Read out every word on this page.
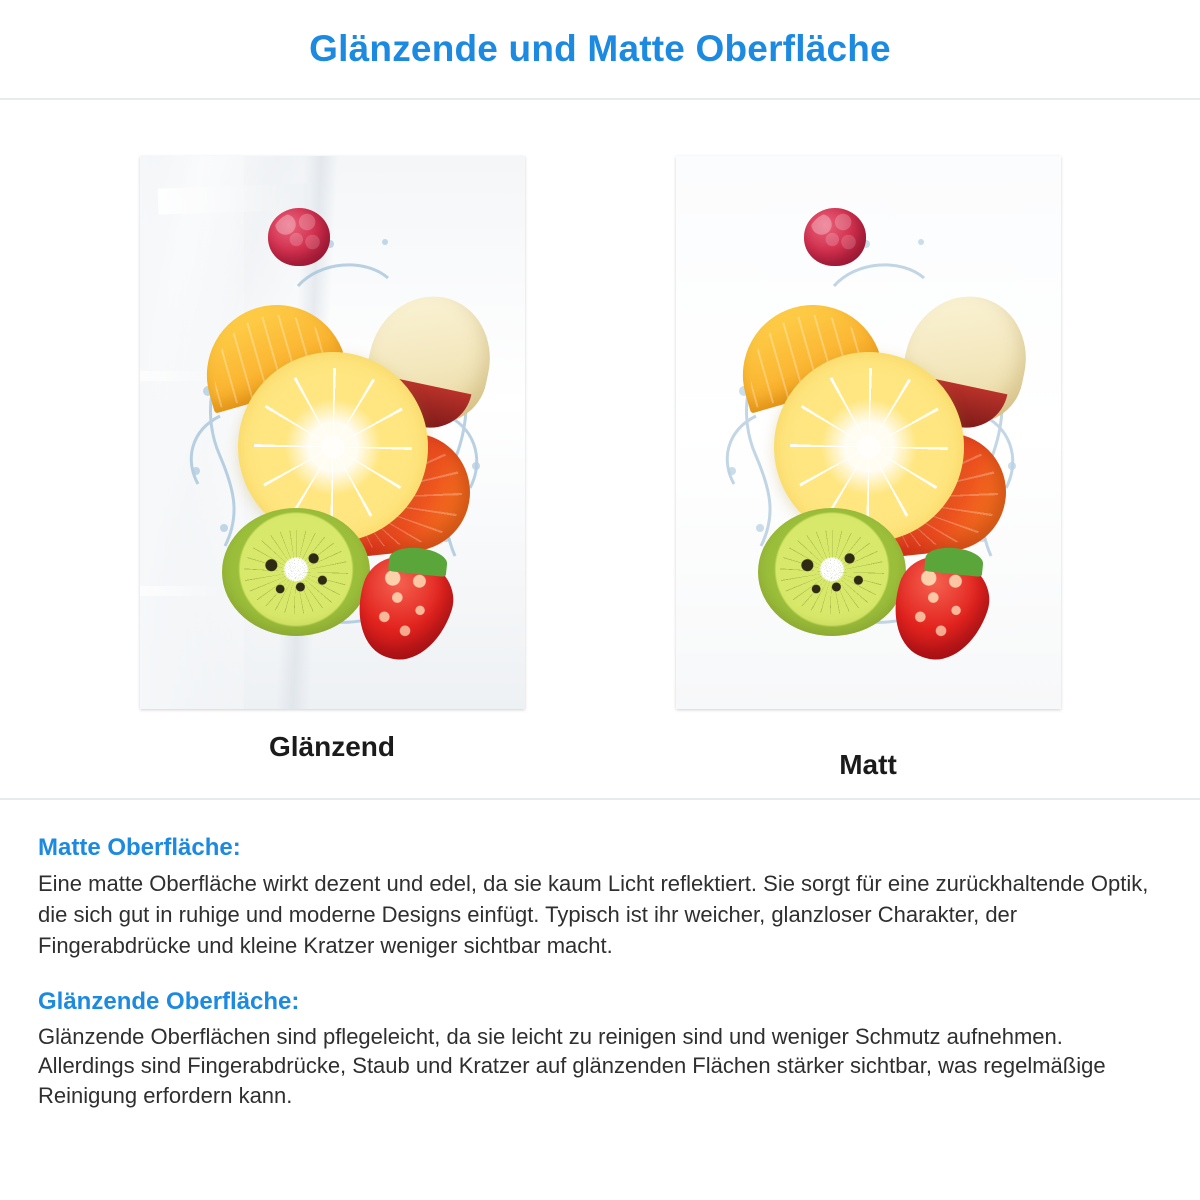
Glänzende und Matte Oberfläche
Glänzend
Matt
Matte Oberfläche:

Eine matte Oberfläche wirkt dezent und edel, da sie kaum Licht reflektiert. Sie sorgt für eine zurückhaltende Optik, die sich gut in ruhige und moderne Designs einfügt. Typisch ist ihr weicher, glanzloser Charakter, der Fingerabdrücke und kleine Kratzer weniger sichtbar macht.

Glänzende Oberfläche:

Glänzende Oberflächen sind pflegeleicht, da sie leicht zu reinigen sind und weniger Schmutz aufnehmen. Allerdings sind Fingerabdrücke, Staub und Kratzer auf glänzenden Flächen stärker sichtbar, was regelmäßige Reinigung erfordern kann.
